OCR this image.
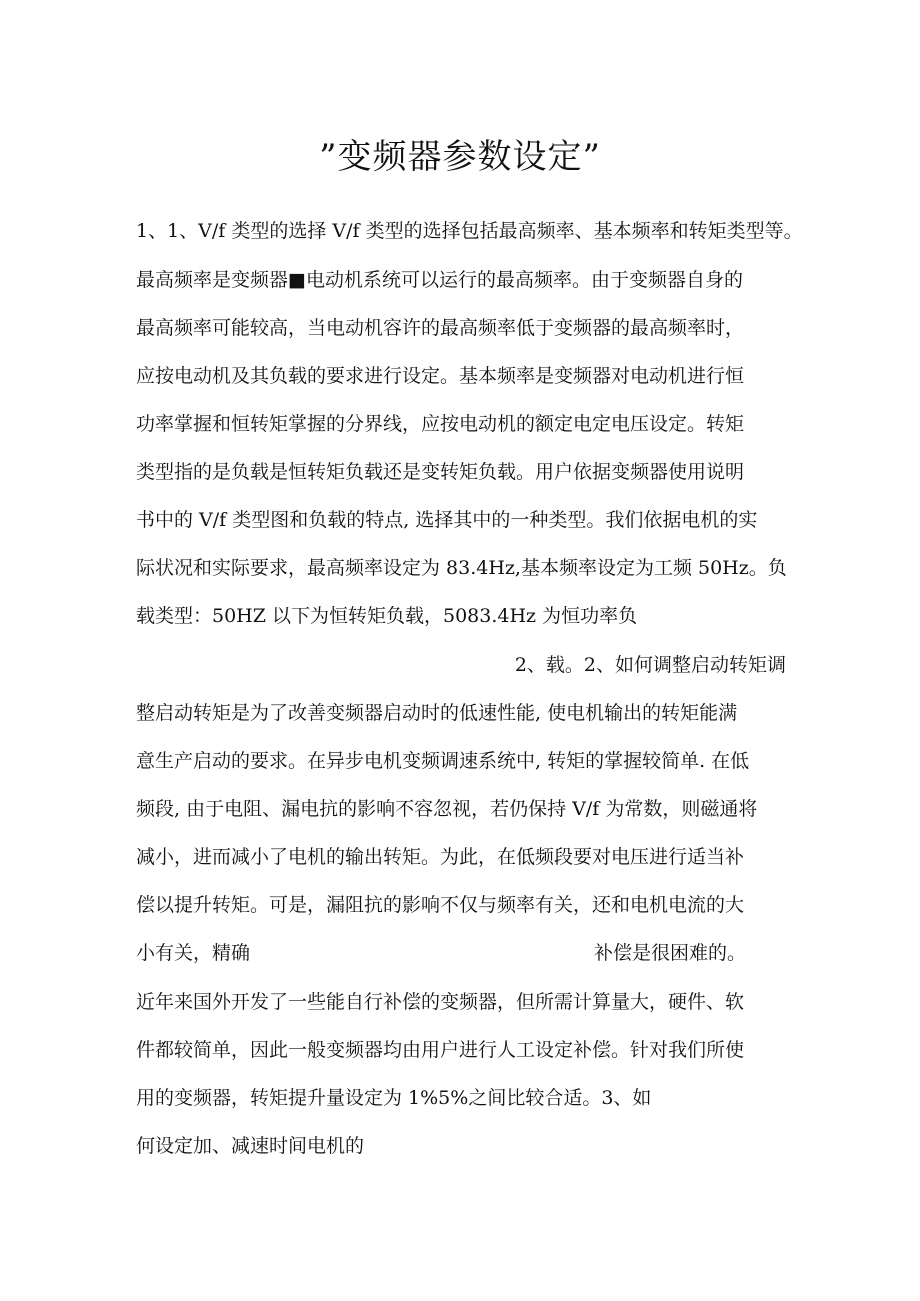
”变频器参数设定”
1、1、V/f 类型的选择 V/f 类型的选择包括最高频率、基本频率和转矩类型等。
最高频率是变频器■电动机系统可以运行的最高频率。由于变频器自身的
最高频率可能较高，当电动机容许的最高频率低于变频器的最高频率时，
应按电动机及其负载的要求进行设定。基本频率是变频器对电动机进行恒
功率掌握和恒转矩掌握的分界线，应按电动机的额定电定电压设定。转矩
类型指的是负载是恒转矩负载还是变转矩负载。用户依据变频器使用说明
书中的 V/f 类型图和负载的特点, 选择其中的一种类型。我们依据电机的实
际状况和实际要求，最高频率设定为 83.4Hz,基本频率设定为工频 50Hz。负
载类型：50HZ 以下为恒转矩负载，5083.4Hz 为恒功率负
2、载。2、如何调整启动转矩调
整启动转矩是为了改善变频器启动时的低速性能, 使电机输出的转矩能满
意生产启动的要求。在异步电机变频调速系统中, 转矩的掌握较简单. 在低
频段, 由于电阻、漏电抗的影响不容忽视，若仍保持 V/f 为常数，则磁通将
减小，进而减小了电机的输出转矩。为此，在低频段要对电压进行适当补
偿以提升转矩。可是，漏阻抗的影响不仅与频率有关，还和电机电流的大
小有关，精确	补偿是很困难的。
近年来国外开发了一些能自行补偿的变频器，但所需计算量大，硬件、软
件都较简单，因此一般变频器均由用户进行人工设定补偿。针对我们所使
用的变频器，转矩提升量设定为 1%5%之间比较合适。3、如
何设定加、减速时间电机的
